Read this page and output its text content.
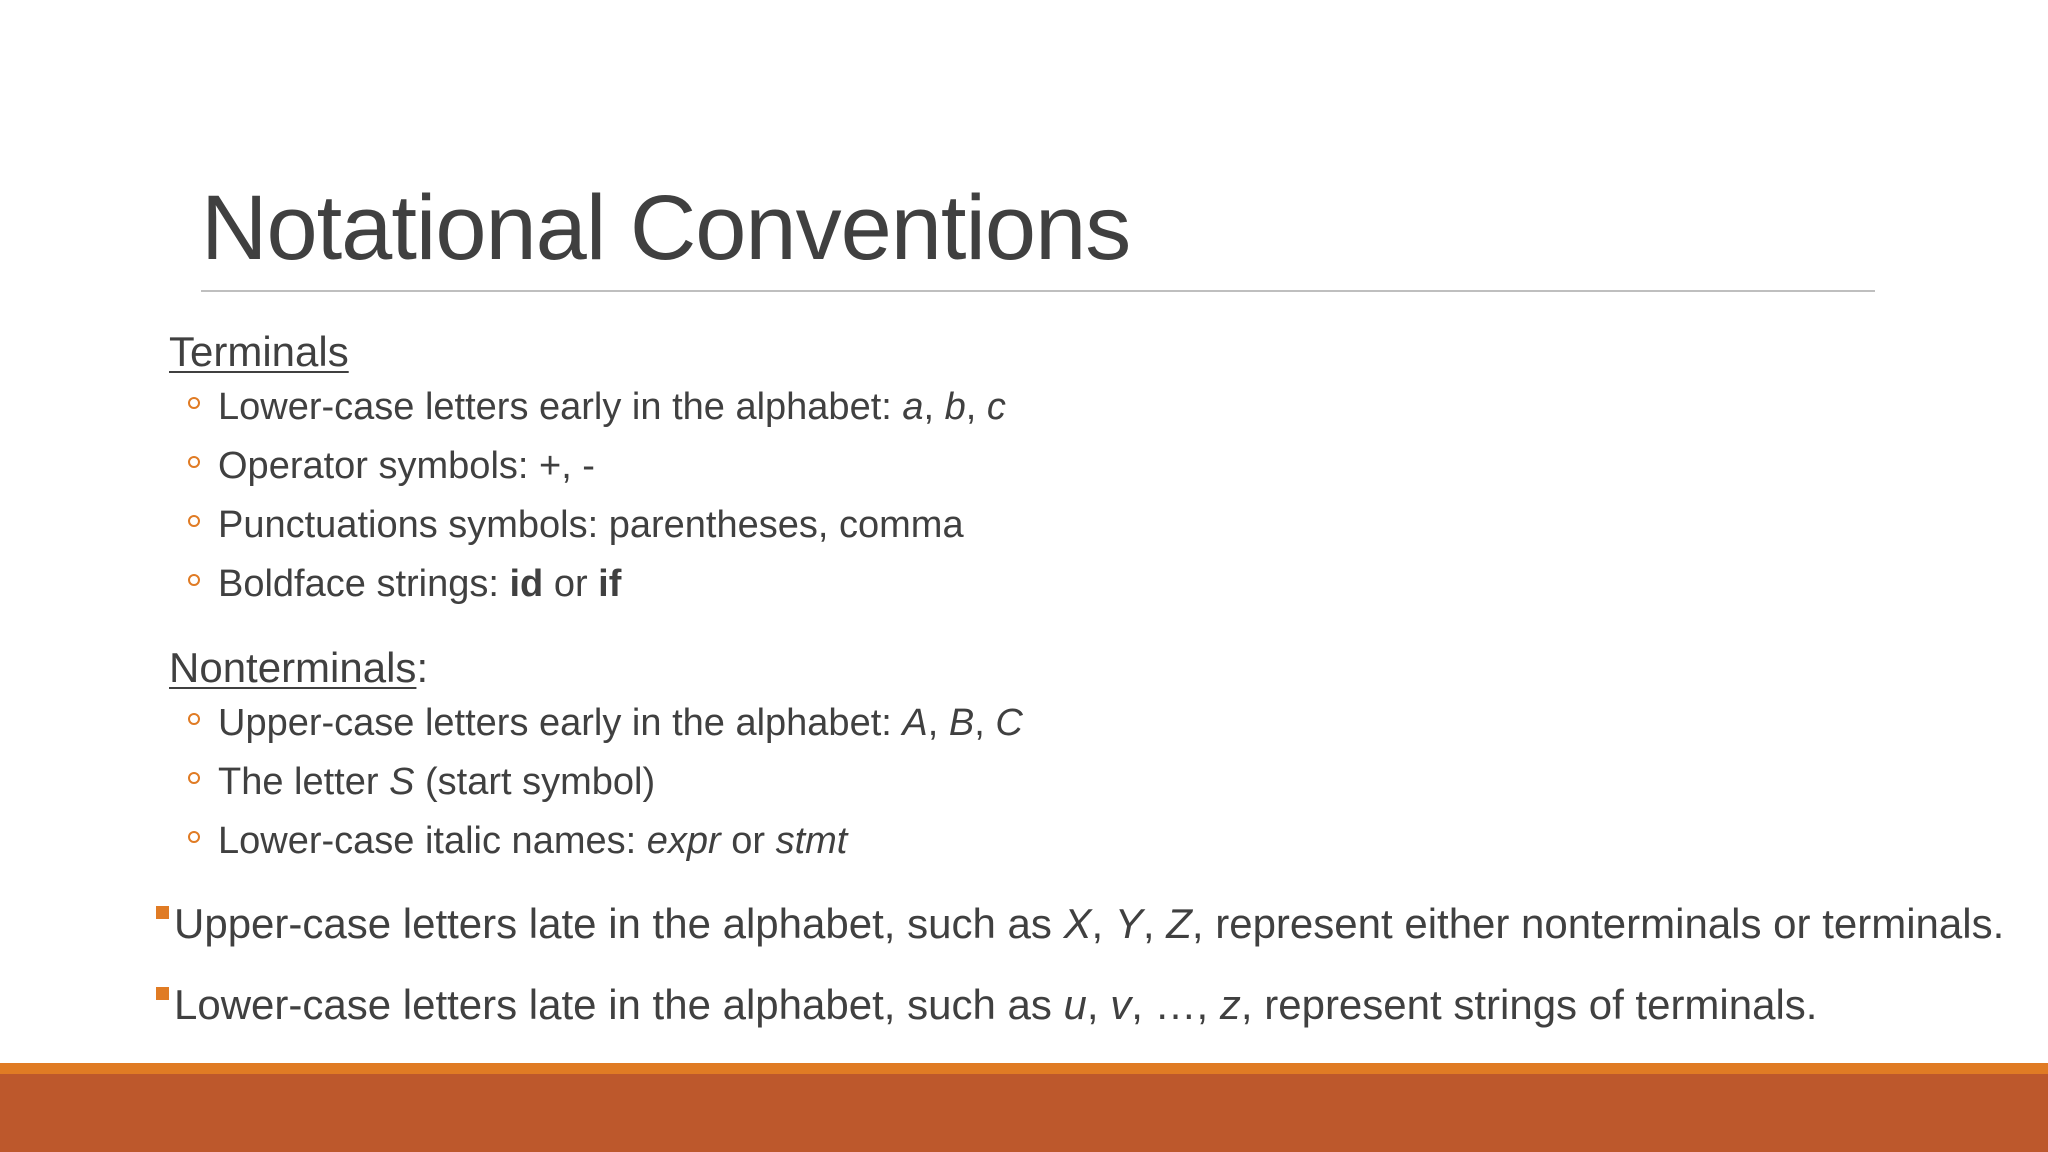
Notational Conventions
Terminals
Lower-case letters early in the alphabet: a, b, c
Operator symbols: +, -
Punctuations symbols: parentheses, comma
Boldface strings: id or if
Nonterminals:
Upper-case letters early in the alphabet: A, B, C
The letter S (start symbol)
Lower-case italic names: expr or stmt
Upper-case letters late in the alphabet, such as X, Y, Z, represent either nonterminals or terminals.
Lower-case letters late in the alphabet, such as u, v, …, z, represent strings of terminals.
